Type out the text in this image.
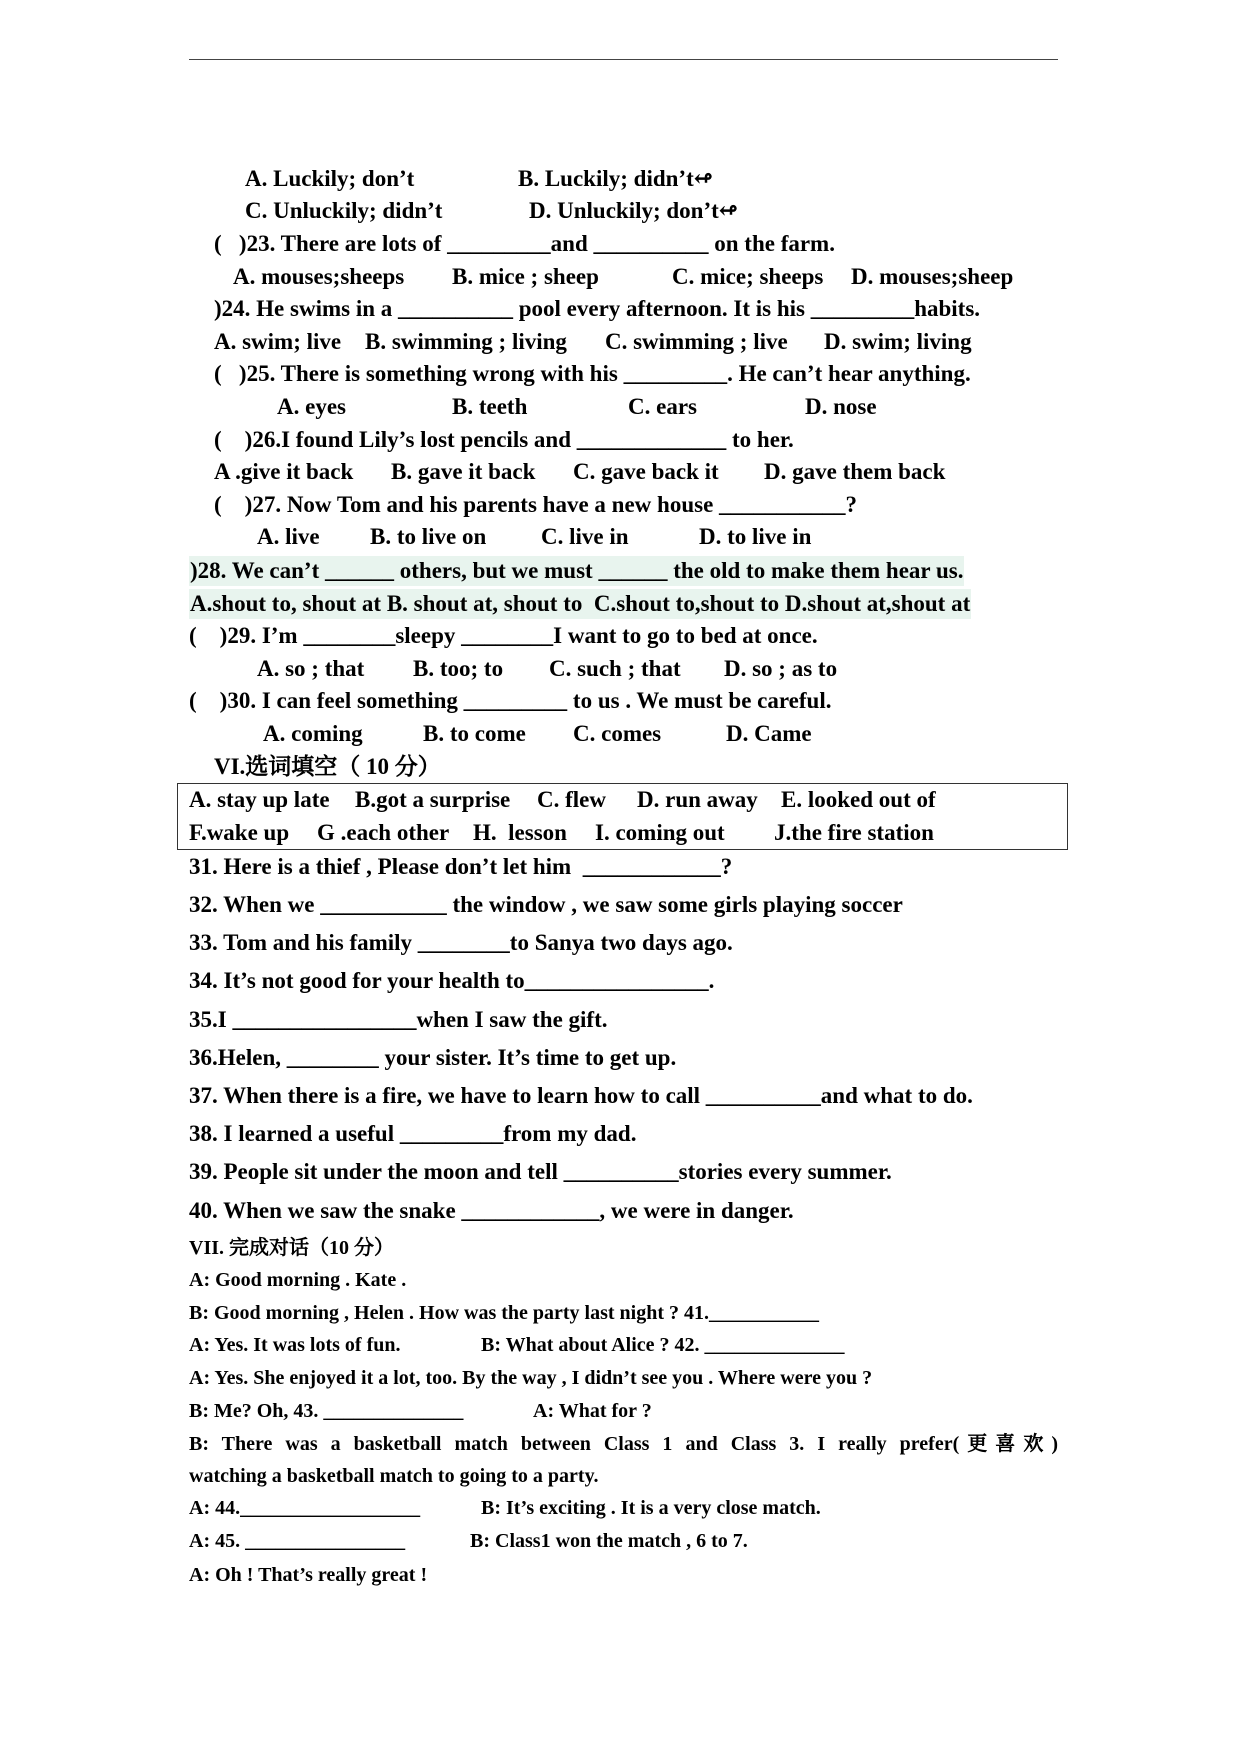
A. Luckily; don’t	B. Luckily; didn’t↫
C. Unluckily; didn’t	D. Unluckily; don’t↫
(   )23. There are lots of _________and __________ on the farm.
A. mouses;sheeps B. mice ; sheep	C. mice; sheeps D. mouses;sheep
)24. He swims in a __________ pool every afternoon. It is his _________habits.
A. swim; live B. swimming ; living C. swimming ; live D. swim; living
(   )25. There is something wrong with his _________. He can’t hear anything.
A. eyes	B. teeth	C. ears	D. nose
(    )26.I found Lily’s lost pencils and _____________ to her.
A .give it back B. gave it back C. gave back it D. gave them back
(    )27. Now Tom and his parents have a new house ___________?
A. live B. to live on C. live in	D. to live in
)28. We can’t ______ others, but we must ______ the old to make them hear us.
A.shout to, shout at B. shout at, shout to  C.shout to,shout to D.shout at,shout at
(    )29. I’m ________sleepy ________I want to go to bed at once.
A. so ; that B. too; to C. such ; that D. so ; as to
(    )30. I can feel something _________ to us . We must be careful.
A. coming	B. to come C. comes	D. Came
VI.选词填空（ 10 分）
A. stay up late B.got a surprise C. flew D. run away E. looked out of
F.wake up G .each other H.  lesson I. coming out J.the fire station
31. Here is a thief , Please don’t let him  ____________?
32. When we ___________ the window , we saw some girls playing soccer
33. Tom and his family ________to Sanya two days ago.
34. It’s not good for your health to________________.
35.I ________________when I saw the gift.
36.Helen, ________ your sister. It’s time to get up.
37. When there is a fire, we have to learn how to call __________and what to do.
38. I learned a useful _________from my dad.
39. People sit under the moon and tell __________stories every summer.
40. When we saw the snake ____________, we were in danger.
VII. 完成对话（10 分）
A: Good morning . Kate .
B: Good morning , Helen . How was the party last night ? 41.___________
A: Yes. It was lots of fun.	B: What about Alice ? 42. ______________
A: Yes. She enjoyed it a lot, too. By the way , I didn’t see you . Where were you ?
B: Me? Oh, 43. ______________	A: What for ?
B: There was a basketball match between Class 1 and Class 3. I really prefer(更喜欢)
watching a basketball match to going to a party.
A: 44.__________________	B: It’s exciting . It is a very close match.
A: 45. ________________	B: Class1 won the match , 6 to 7.
A: Oh ! That’s really great !
